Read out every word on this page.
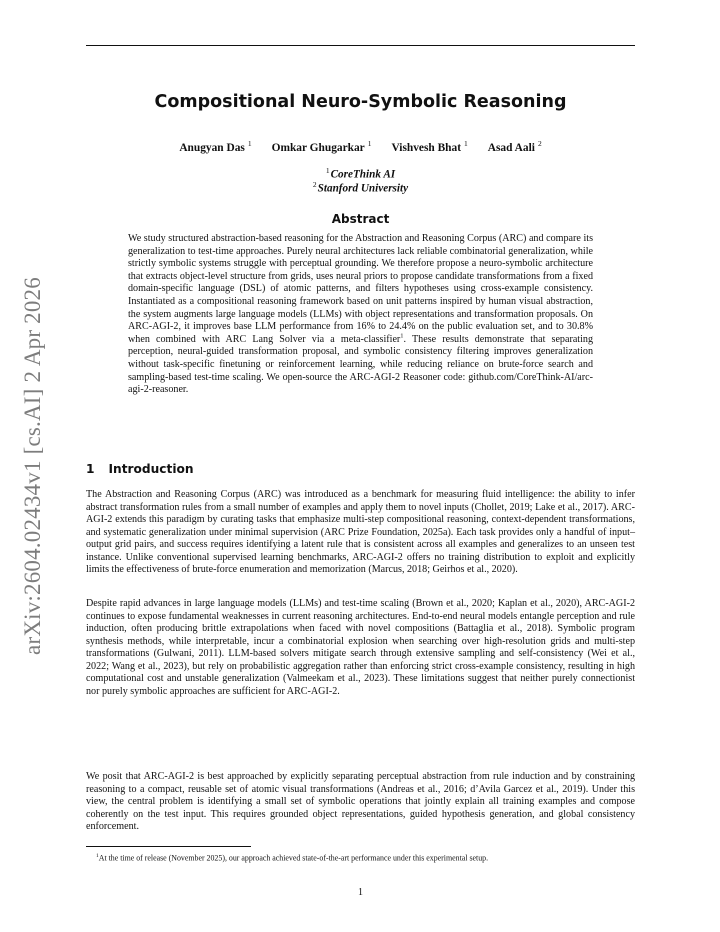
arXiv:2604.02434v1 [cs.AI] 2 Apr 2026
Compositional Neuro-Symbolic Reasoning
Anugyan Das $^1$ Omkar Ghugarkar $^1$ Vishvesh Bhat $^1$ Asad Aali $^2$
$^1$CoreThink AI
$^2$Stanford University
Abstract

We study structured abstraction-based reasoning for the Abstraction and Reasoning Corpus (ARC) and compare its generalization to test-time approaches. Purely neural architectures lack reliable combinatorial generalization, while strictly symbolic systems struggle with perceptual grounding. We therefore propose a neuro-symbolic architecture that extracts object-level structure from grids, uses neural priors to propose candidate transformations from a fixed domain-specific language (DSL) of atomic patterns, and filters hypotheses using cross-example consistency. Instantiated as a compositional reasoning framework based on unit patterns inspired by human visual abstraction, the system augments large language models (LLMs) with object representations and transformation proposals. On ARC-AGI-2, it improves base LLM performance from 16% to 24.4% on the public evaluation set, and to 30.8% when combined with ARC Lang Solver via a meta-classifier$^1$. These results demonstrate that separating perception, neural-guided transformation proposal, and symbolic consistency filtering improves generalization without task-specific finetuning or reinforcement learning, while reducing reliance on brute-force search and sampling-based test-time scaling. We open-source the ARC-AGI-2 Reasoner code: github.com/CoreThink-AI/arc-agi-2-reasoner.

1 Introduction

The Abstraction and Reasoning Corpus (ARC) was introduced as a benchmark for measuring fluid intelligence: the ability to infer abstract transformation rules from a small number of examples and apply them to novel inputs (Chollet, 2019; Lake et al., 2017). ARC-AGI-2 extends this paradigm by curating tasks that emphasize multi-step compositional reasoning, context-dependent transformations, and systematic generalization under minimal supervision (ARC Prize Foundation, 2025a). Each task provides only a handful of input–output grid pairs, and success requires identifying a latent rule that is consistent across all examples and generalizes to an unseen test instance. Unlike conventional supervised learning benchmarks, ARC-AGI-2 offers no training distribution to exploit and explicitly limits the effectiveness of brute-force enumeration and memorization (Marcus, 2018; Geirhos et al., 2020).

Despite rapid advances in large language models (LLMs) and test-time scaling (Brown et al., 2020; Kaplan et al., 2020), ARC-AGI-2 continues to expose fundamental weaknesses in current reasoning architectures. End-to-end neural models entangle perception and rule induction, often producing brittle extrapolations when faced with novel compositions (Battaglia et al., 2018). Symbolic program synthesis methods, while interpretable, incur a combinatorial explosion when searching over high-resolution grids and multi-step transformations (Gulwani, 2011). LLM-based solvers mitigate search through extensive sampling and self-consistency (Wei et al., 2022; Wang et al., 2023), but rely on probabilistic aggregation rather than enforcing strict cross-example consistency, resulting in high computational cost and unstable generalization (Valmeekam et al., 2023). These limitations suggest that neither purely connectionist nor purely symbolic approaches are sufficient for ARC-AGI-2.

We posit that ARC-AGI-2 is best approached by explicitly separating perceptual abstraction from rule induction and by constraining reasoning to a compact, reusable set of atomic visual transformations (Andreas et al., 2016; d’Avila Garcez et al., 2019). Under this view, the central problem is identifying a small set of symbolic operations that jointly explain all training examples and compose coherently on the test input. This requires grounded object representations, guided hypothesis generation, and global consistency enforcement.

$^1$At the time of release (November 2025), our approach achieved state-of-the-art performance under this experimental setup.

1
